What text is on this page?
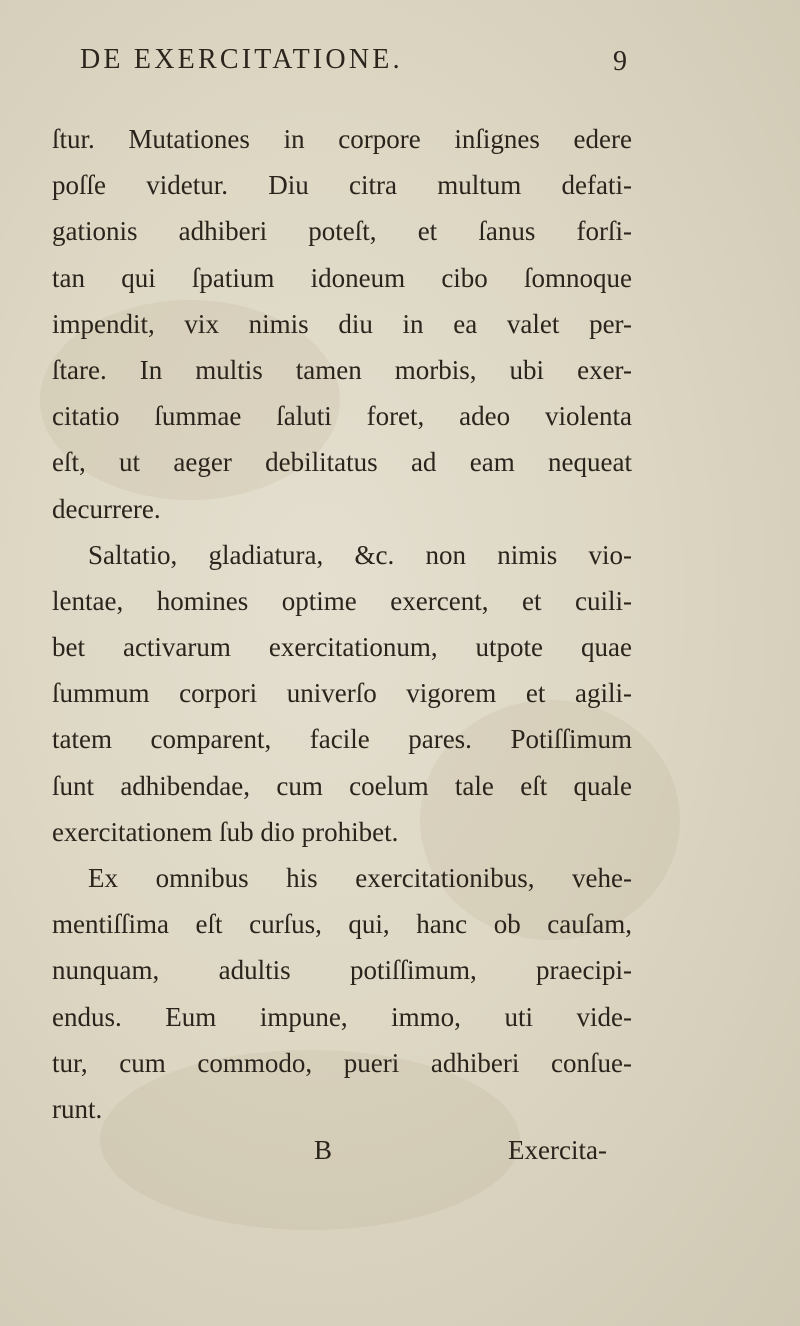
DE EXERCITATIONE.	9
ſtur. Mutationes in corpore inſignes edere
poſſe videtur. Diu citra multum defati-
gationis adhiberi poteſt, et ſanus forſi-
tan qui ſpatium idoneum cibo ſomnoque
impendit, vix nimis diu in ea valet per-
ſtare. In multis tamen morbis, ubi exer-
citatio ſummae ſaluti foret, adeo violenta
eſt, ut aeger debilitatus ad eam nequeat
decurrere.
Saltatio, gladiatura, &c. non nimis vio-
lentae, homines optime exercent, et cuili-
bet activarum exercitationum, utpote quae
ſummum corpori univerſo vigorem et agili-
tatem comparent, facile pares. Potiſſimum
ſunt adhibendae, cum coelum tale eſt quale
exercitationem ſub dio prohibet.
Ex omnibus his exercitationibus, vehe-
mentiſſima eſt curſus, qui, hanc ob cauſam,
nunquam, adultis potiſſimum, praecipi-
endus. Eum impune, immo, uti vide-
tur, cum commodo, pueri adhiberi conſue-
runt.
B	Exercita-
